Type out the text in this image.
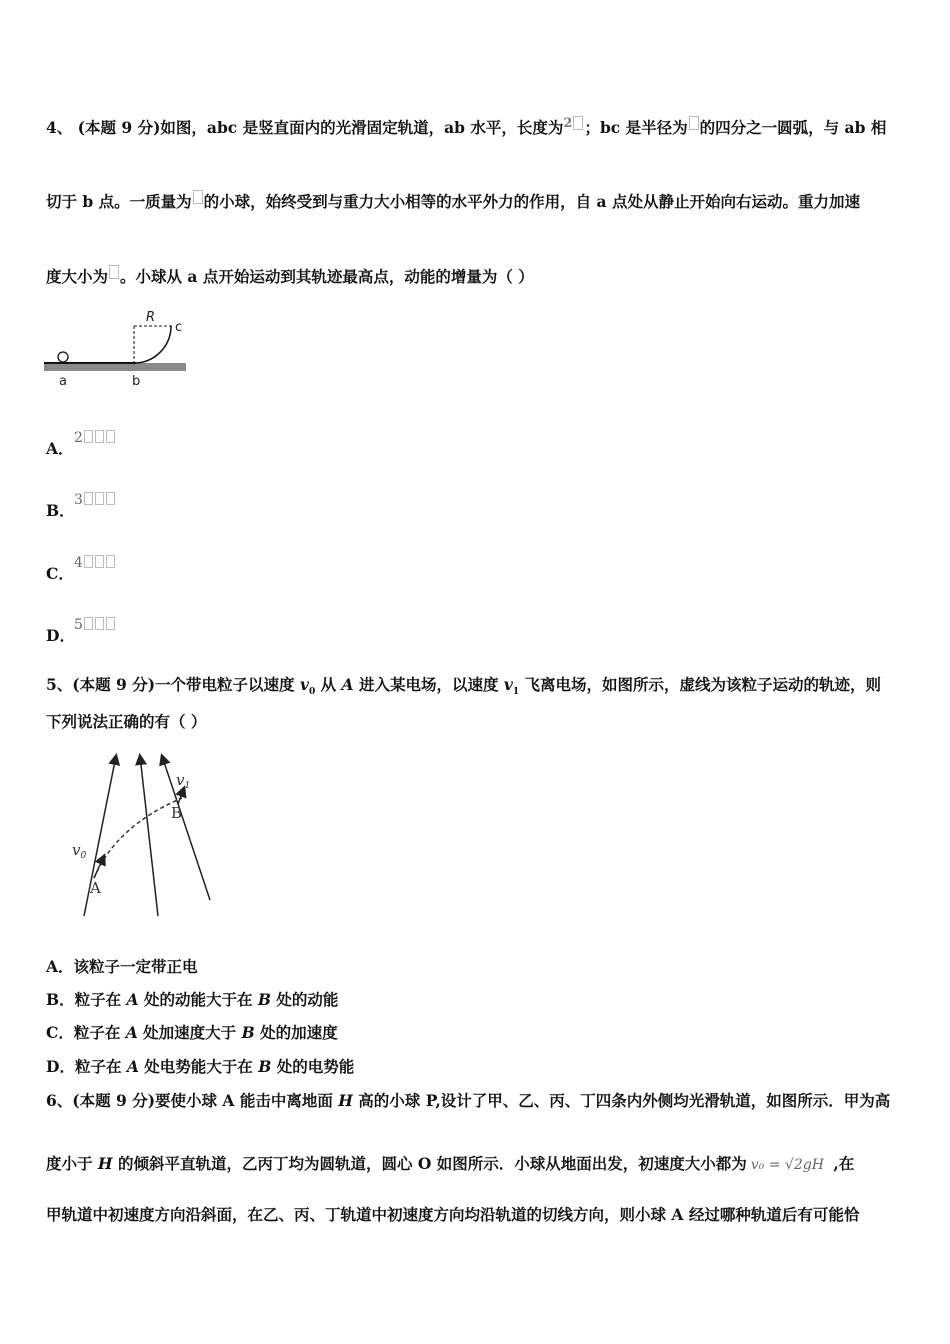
4、 (本题 9 分)如图，abc 是竖直面内的光滑固定轨道，ab 水平，长度为$^2$ ；bc 是半径为 的四分之一圆弧，与 ab 相
切于 b 点。一质量为 的小球，始终受到与重力大小相等的水平外力的作用，自 a 点处从静止开始向右运动。重力加速
度大小为 。小球从 a 点开始运动到其轨迹最高点，动能的增量为（ ）
R
c
a	b
A．
2
B．
3
C．
4
D．
5
5、(本题 9 分)一个带电粒子以速度 $v_0$ 从 A 进入某电场，以速度 $v_1$ 飞离电场，如图所示，虚线为该粒子运动的轨迹，则
下列说法正确的有（ ）
$v_0$
$v_1$
A
B
A．该粒子一定带正电
B．粒子在 A 处的动能大于在 B 处的动能
C．粒子在 A 处加速度大于 B 处的加速度
D．粒子在 A 处电势能大于在 B 处的电势能
6、(本题 9 分)要使小球 A 能击中离地面 H 高的小球 P,设计了甲、乙、丙、丁四条内外侧均光滑轨道，如图所示．甲为高
度小于 H 的倾斜平直轨道，乙丙丁均为圆轨道，圆心 O 如图所示．小球从地面出发，初速度大小都为 v₀ = √2gH ,在
甲轨道中初速度方向沿斜面，在乙、丙、丁轨道中初速度方向均沿轨道的切线方向，则小球 A 经过哪种轨道后有可能恰
